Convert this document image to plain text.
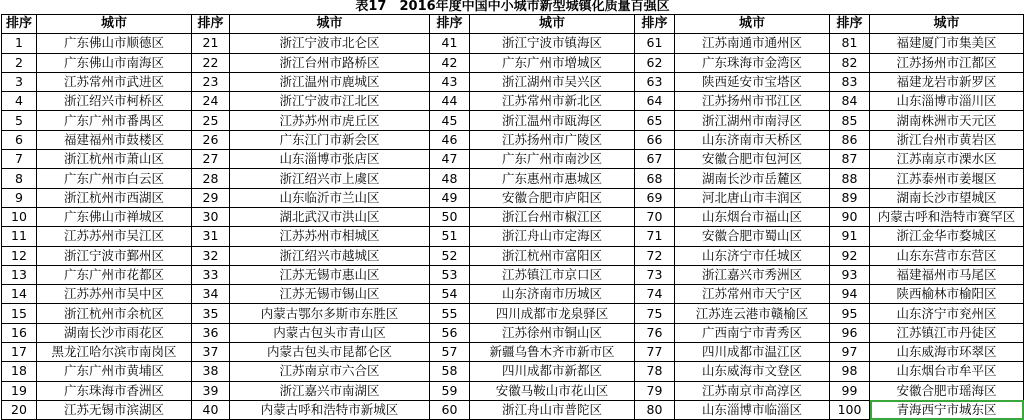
表17　2016年度中国中小城市新型城镇化质量百强区									
排序	城市	排序	城市	排序	城市	排序	城市	排序	城市
1	广东佛山市顺德区	21	浙江宁波市北仑区	41	浙江宁波市镇海区	61	江苏南通市通州区	81	福建厦门市集美区
2	广东佛山市南海区	22	浙江台州市路桥区	42	广东广州市增城区	62	广东珠海市金湾区	82	江苏扬州市江都区
3	江苏常州市武进区	23	浙江温州市鹿城区	43	浙江湖州市吴兴区	63	陕西延安市宝塔区	83	福建龙岩市新罗区
4	浙江绍兴市柯桥区	24	浙江宁波市江北区	44	江苏常州市新北区	64	江苏扬州市邗江区	84	山东淄博市淄川区
5	广东广州市番禺区	25	江苏苏州市虎丘区	45	浙江温州市瓯海区	65	浙江湖州市南浔区	85	湖南株洲市天元区
6	福建福州市鼓楼区	26	广东江门市新会区	46	江苏扬州市广陵区	66	山东济南市天桥区	86	浙江台州市黄岩区
7	浙江杭州市萧山区	27	山东淄博市张店区	47	广东广州市南沙区	67	安徽合肥市包河区	87	江苏南京市溧水区
8	广东广州市白云区	28	浙江绍兴市上虞区	48	广东惠州市惠城区	68	湖南长沙市岳麓区	88	江苏泰州市姜堰区
9	浙江杭州市西湖区	29	山东临沂市兰山区	49	安徽合肥市庐阳区	69	河北唐山市丰润区	89	湖南长沙市望城区
10	广东佛山市禅城区	30	湖北武汉市洪山区	50	浙江台州市椒江区	70	山东烟台市福山区	90	内蒙古呼和浩特市赛罕区
11	江苏苏州市吴江区	31	江苏苏州市相城区	51	浙江舟山市定海区	71	安徽合肥市蜀山区	91	浙江金华市婺城区
12	浙江宁波市鄞州区	32	浙江绍兴市越城区	52	浙江杭州市富阳区	72	山东济宁市任城区	92	山东东营市东营区
13	广东广州市花都区	33	江苏无锡市惠山区	53	江苏镇江市京口区	73	浙江嘉兴市秀洲区	93	福建福州市马尾区
14	江苏苏州市吴中区	34	江苏无锡市锡山区	54	山东济南市历城区	74	江苏常州市天宁区	94	陕西榆林市榆阳区
15	浙江杭州市余杭区	35	内蒙古鄂尔多斯市东胜区	55	四川成都市龙泉驿区	75	江苏连云港市赣榆区	95	山东济宁市兖州区
16	湖南长沙市雨花区	36	内蒙古包头市青山区	56	江苏徐州市铜山区	76	广西南宁市青秀区	96	江苏镇江市丹徒区
17	黑龙江哈尔滨市南岗区	37	内蒙古包头市昆都仑区	57	新疆乌鲁木齐市新市区	77	四川成都市温江区	97	山东威海市环翠区
18	广东广州市黄埔区	38	江苏南京市六合区	58	四川成都市新都区	78	山东威海市文登区	98	山东烟台市牟平区
19	广东珠海市香洲区	39	浙江嘉兴市南湖区	59	安徽马鞍山市花山区	79	江苏南京市高淳区	99	安徽合肥市瑶海区
20	江苏无锡市滨湖区	40	内蒙古呼和浩特市新城区	60	浙江舟山市普陀区	80	山东淄博市临淄区	100	青海西宁市城东区
